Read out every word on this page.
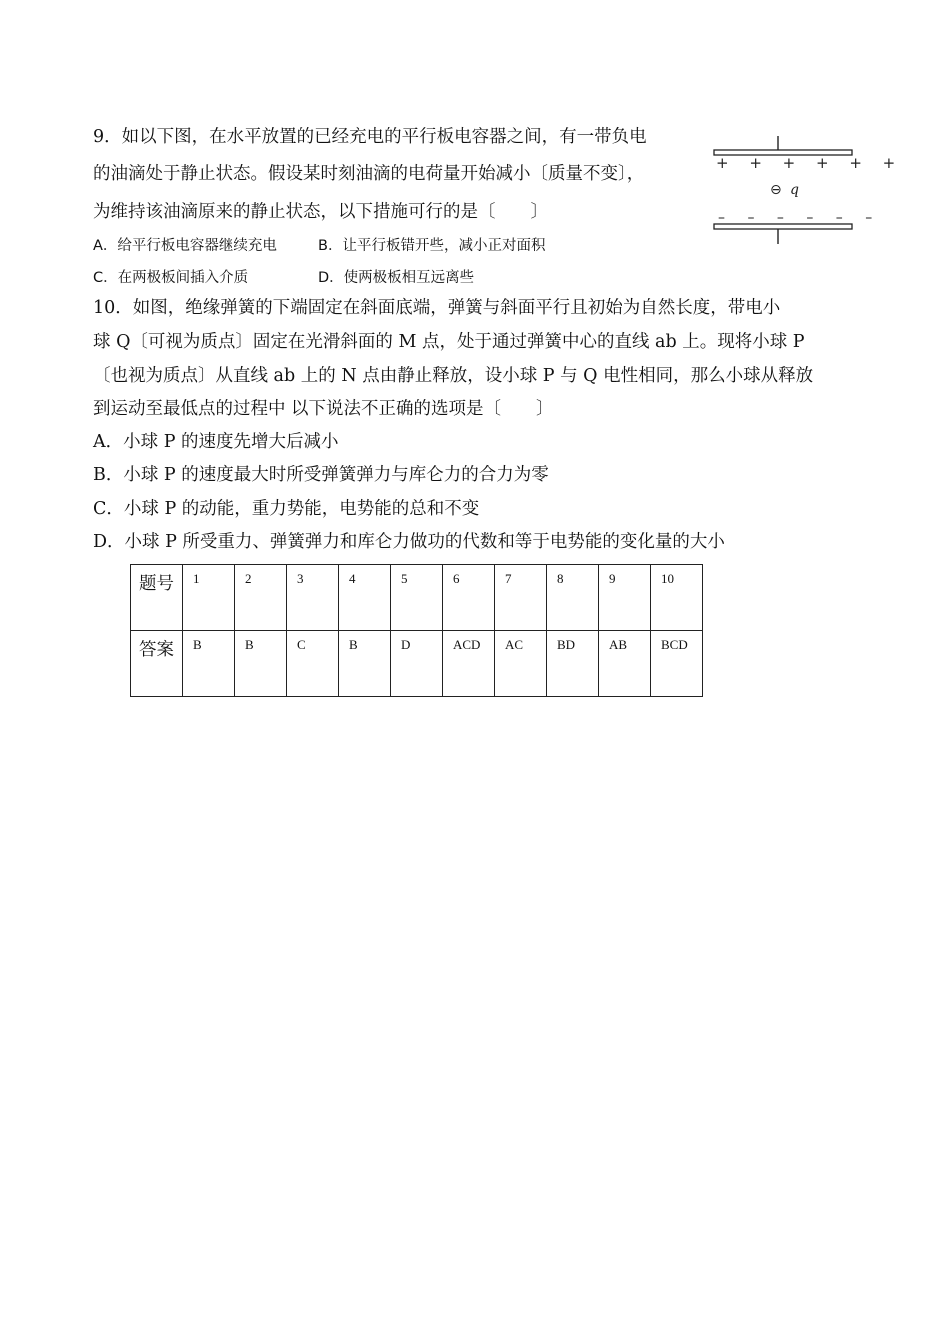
9．如以下图，在水平放置的已经充电的平行板电容器之间，有一带负电
的油滴处于静止状态。假设某时刻油滴的电荷量开始减小〔质量不变〕，
为维持该油滴原来的静止状态，以下措施可行的是〔　　〕
A．给平行板电容器继续充电	B．让平行板错开些，减小正对面积
C．在两极板间插入介质	D．使两极板相互远离些
+ + + + + +
⊖ q
– – – – – –
10．如图，绝缘弹簧的下端固定在斜面底端，弹簧与斜面平行且初始为自然长度，带电小
球 Q〔可视为质点〕固定在光滑斜面的 M 点，处于通过弹簧中心的直线 ab 上。现将小球 P
〔也视为质点〕从直线 ab 上的 N 点由静止释放，设小球 P 与 Q 电性相同，那么小球从释放
到运动至最低点的过程中 以下说法不正确的选项是〔　　〕
A．小球 P 的速度先增大后减小
B．小球 P 的速度最大时所受弹簧弹力与库仑力的合力为零
C．小球 P 的动能，重力势能，电势能的总和不变
D．小球 P 所受重力、弹簧弹力和库仑力做功的代数和等于电势能的变化量的大小
题号	1	2	3	4	5	6	7	8	9	10
答案	B	B	C	B	D	ACD	AC	BD	AB	BCD
